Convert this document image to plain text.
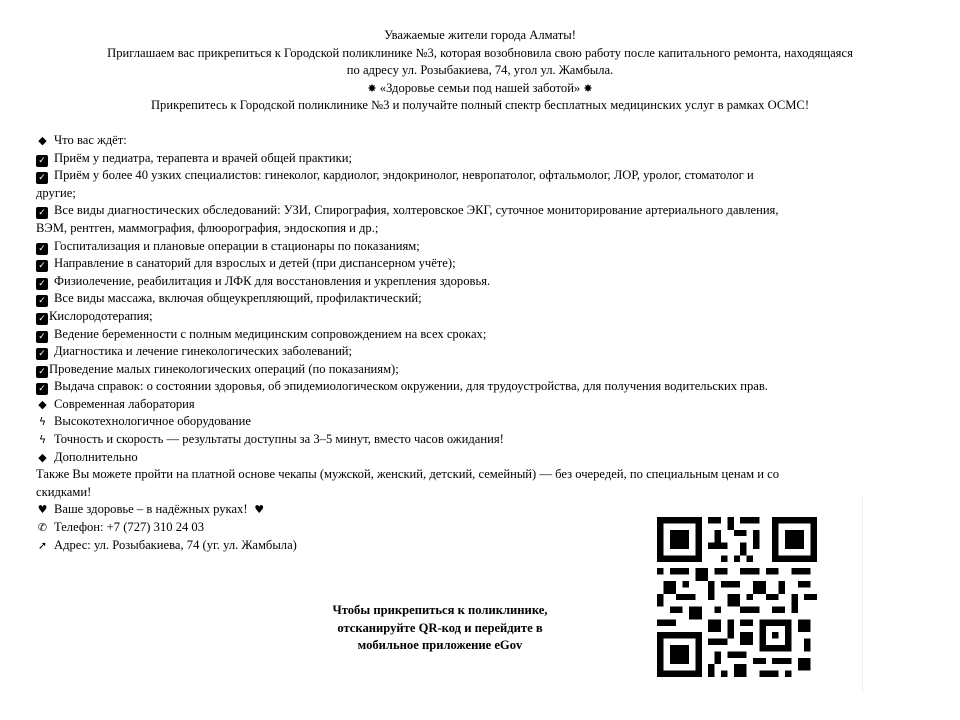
Уважаемые жители города Алматы!
Приглашаем вас прикрепиться к Городской поликлинике №3, которая возобновила свою работу после капитального ремонта, находящаяся
по адресу ул. Розыбакиева, 74, угол ул. Жамбыла.
✸ «Здоровье семьи под нашей заботой» ✸
Прикрепитесь к Городской поликлинике №3 и получайте полный спектр бесплатных медицинских услуг в рамках ОСМС!
◆ Что вас ждёт:
✓ Приём у педиатра, терапевта и врачей общей практики;
✓ Приём у более 40 узких специалистов: гинеколог, кардиолог, эндокринолог, невропатолог, офтальмолог, ЛОР, уролог, стоматолог и
другие;
✓ Все виды диагностических обследований: УЗИ, Спирография, холтеровское ЭКГ, суточное мониторирование артериального давления,
ВЭМ, рентген, маммография, флюорография, эндоскопия и др.;
✓ Госпитализация и плановые операции в стационары по показаниям;
✓ Направление в санаторий для взрослых и детей (при диспансерном учёте);
✓ Физиолечение, реабилитация и ЛФК для восстановления и укрепления здоровья.
✓ Все виды массажа, включая общеукрепляющий, профилактический;
✓ Кислородотерапия;
✓ Ведение беременности с полным медицинским сопровождением на всех сроках;
✓ Диагностика и лечение гинекологических заболеваний;
✓ Проведение малых гинекологических операций (по показаниям);
✓ Выдача справок: о состоянии здоровья, об эпидемиологическом окружении, для трудоустройства, для получения водительских прав.
◆ Современная лаборатория
ϟ Высокотехнологичное оборудование
ϟ Точность и скорость — результаты доступны за 3–5 минут, вместо часов ожидания!
◆ Дополнительно
Также Вы можете пройти на платной основе чекапы (мужской, женский, детский, семейный) — без очередей, по специальным ценам и со
скидками!
♥ Ваше здоровье – в надёжных руках! ♥
✆ Телефон: +7 (727) 310 24 03
➚ Адрес: ул. Розыбакиева, 74 (уг. ул. Жамбыла)
Чтобы прикрепиться к поликлинике,
отсканируйте QR-код и перейдите в
мобильное приложение eGov
